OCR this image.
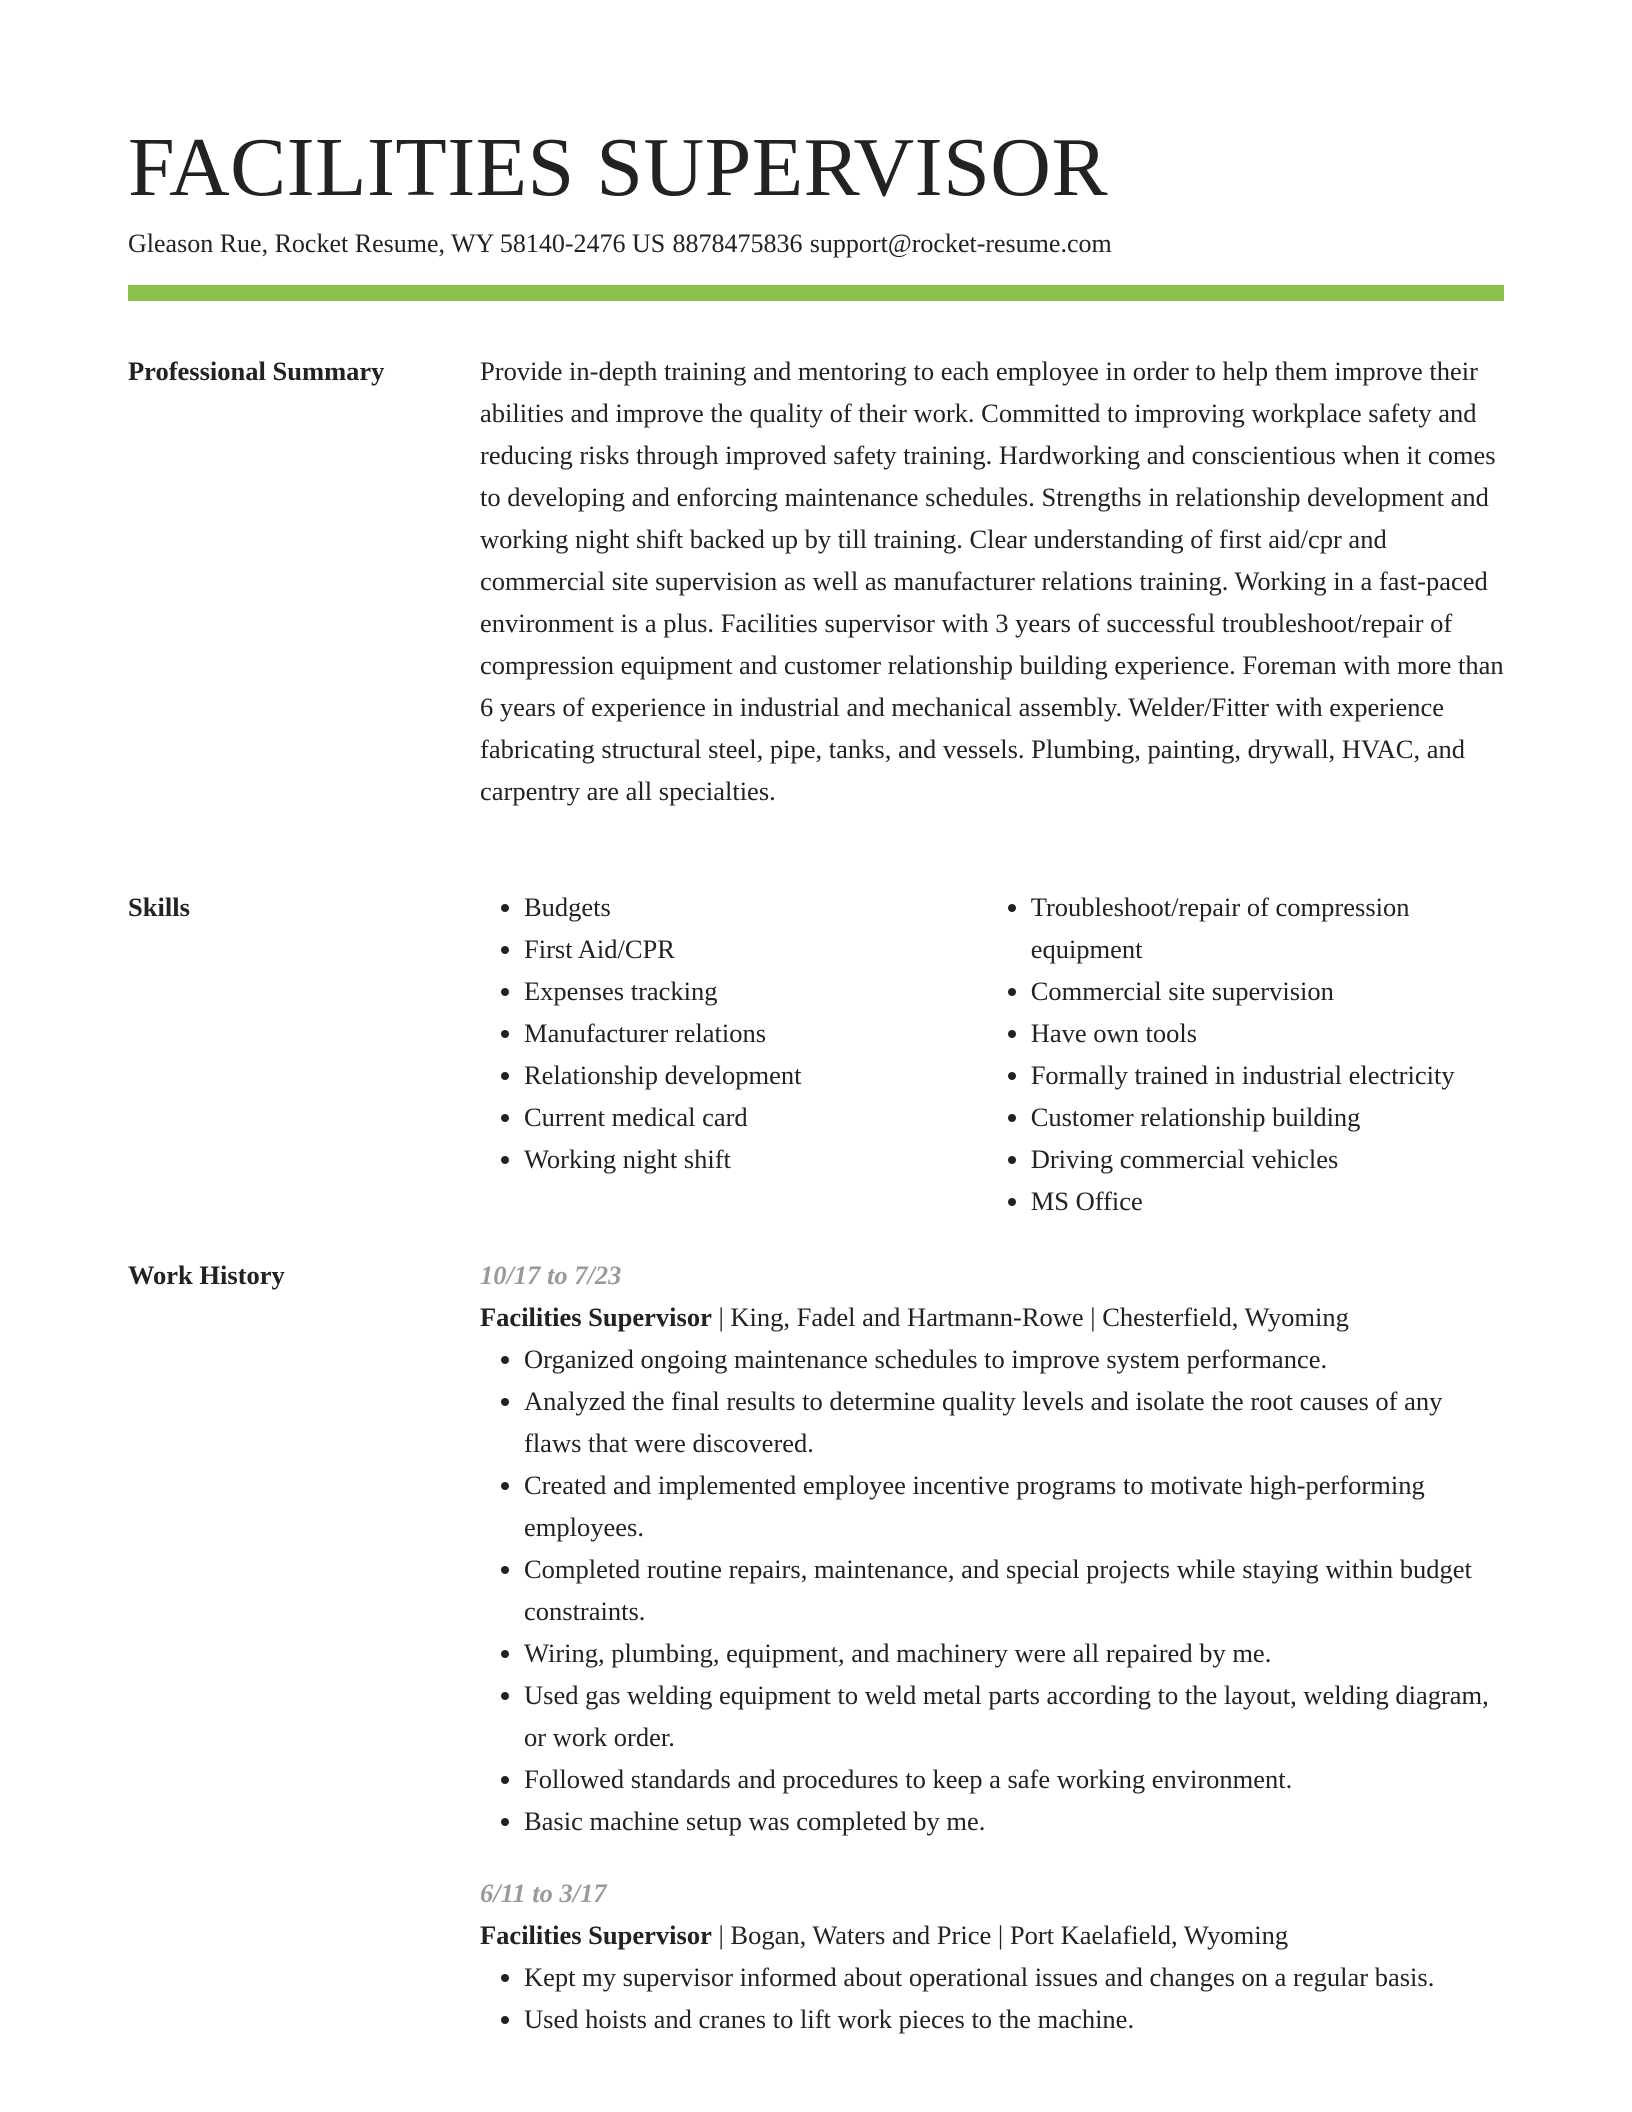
FACILITIES SUPERVISOR
Gleason Rue, Rocket Resume, WY 58140-2476 US 8878475836 support@rocket-resume.com
Professional Summary	Provide in-depth training and mentoring to each employee in order to help them improve their abilities and improve the quality of their work. Committed to improving workplace safety and reducing risks through improved safety training. Hardworking and conscientious when it comes to developing and enforcing maintenance schedules. Strengths in relationship development and working night shift backed up by till training. Clear understanding of first aid/cpr and commercial site supervision as well as manufacturer relations training. Working in a fast-paced environment is a plus. Facilities supervisor with 3 years of successful troubleshoot/repair of compression equipment and customer relationship building experience. Foreman with more than 6 years of experience in industrial and mechanical assembly. Welder/Fitter with experience fabricating structural steel, pipe, tanks, and vessels. Plumbing, painting, drywall, HVAC, and carpentry are all specialties.

Skills
•	Budgets
• First Aid/CPR
• Expenses tracking
• Manufacturer relations
• Relationship development
• Current medical card
• Working night shift
• Troubleshoot/repair of compression equipment
• Commercial site supervision
• Have own tools
• Formally trained in industrial electricity
• Customer relationship building
• Driving commercial vehicles
• MS Office
Work History	10/17 to 7/23
Facilities Supervisor | King, Fadel and Hartmann-Rowe | Chesterfield, Wyoming
• Organized ongoing maintenance schedules to improve system performance.
• Analyzed the final results to determine quality levels and isolate the root causes of any flaws that were discovered.
• Created and implemented employee incentive programs to motivate high-performing employees.
• Completed routine repairs, maintenance, and special projects while staying within budget constraints.
• Wiring, plumbing, equipment, and machinery were all repaired by me.
• Used gas welding equipment to weld metal parts according to the layout, welding diagram, or work order.
• Followed standards and procedures to keep a safe working environment.
• Basic machine setup was completed by me.
6/11 to 3/17
Facilities Supervisor | Bogan, Waters and Price | Port Kaelafield, Wyoming
• Kept my supervisor informed about operational issues and changes on a regular basis.
• Used hoists and cranes to lift work pieces to the machine.
